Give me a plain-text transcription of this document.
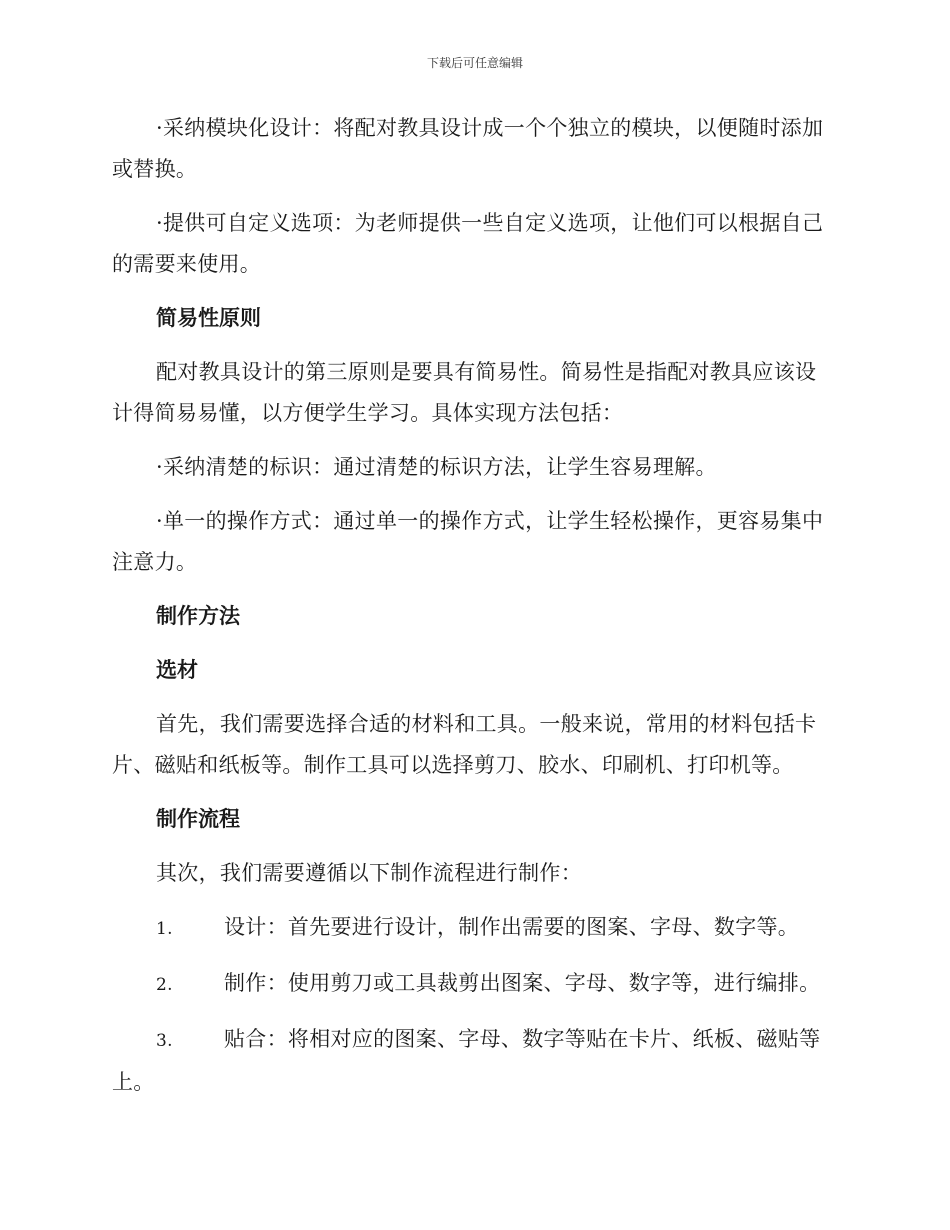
下载后可任意编辑
·采纳模块化设计：将配对教具设计成一个个独立的模块，以便随时添加或替换。
·提供可自定义选项：为老师提供一些自定义选项，让他们可以根据自己的需要来使用。
简易性原则
配对教具设计的第三原则是要具有简易性。简易性是指配对教具应该设计得简易易懂，以方便学生学习。具体实现方法包括：
·采纳清楚的标识：通过清楚的标识方法，让学生容易理解。
·单一的操作方式：通过单一的操作方式，让学生轻松操作，更容易集中注意力。
制作方法
选材
首先，我们需要选择合适的材料和工具。一般来说，常用的材料包括卡片、磁贴和纸板等。制作工具可以选择剪刀、胶水、印刷机、打印机等。
制作流程
其次，我们需要遵循以下制作流程进行制作：
1. 设计：首先要进行设计，制作出需要的图案、字母、数字等。
2. 制作：使用剪刀或工具裁剪出图案、字母、数字等，进行编排。
3. 贴合：将相对应的图案、字母、数字等贴在卡片、纸板、磁贴等上。
